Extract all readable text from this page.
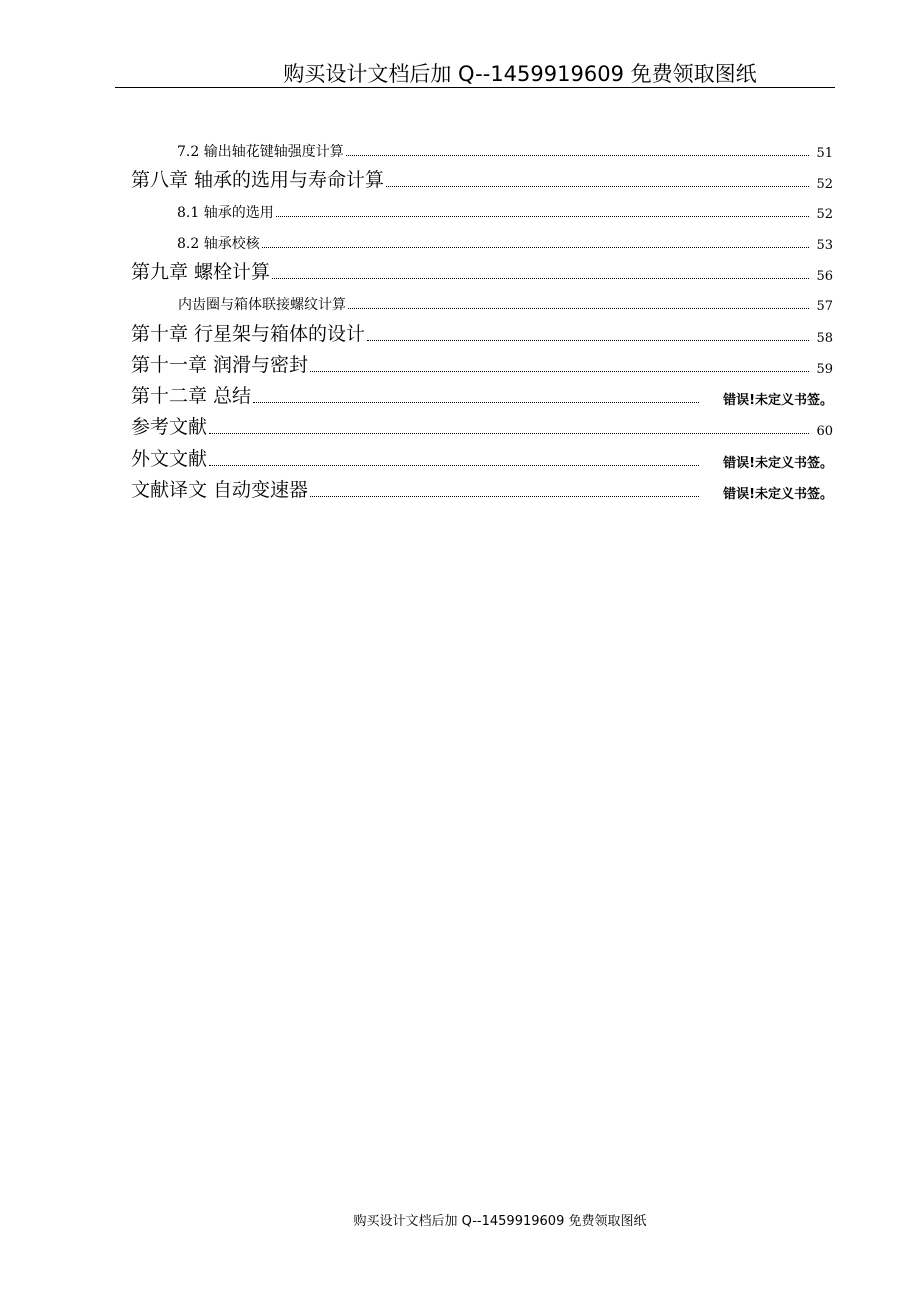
购买设计文档后加 Q--1459919609 免费领取图纸
7.2 输出轴花键轴强度计算	51
第八章 轴承的选用与寿命计算	52
8.1 轴承的选用	52
8.2 轴承校核	53
第九章 螺栓计算	56
内齿圈与箱体联接螺纹计算	57
第十章 行星架与箱体的设计	58
第十一章 润滑与密封	59
第十二章 总结	错误!未定义书签。
参考文献	60
外文文献	错误!未定义书签。
文献译文 自动变速器	错误!未定义书签。
购买设计文档后加 Q--1459919609 免费领取图纸
